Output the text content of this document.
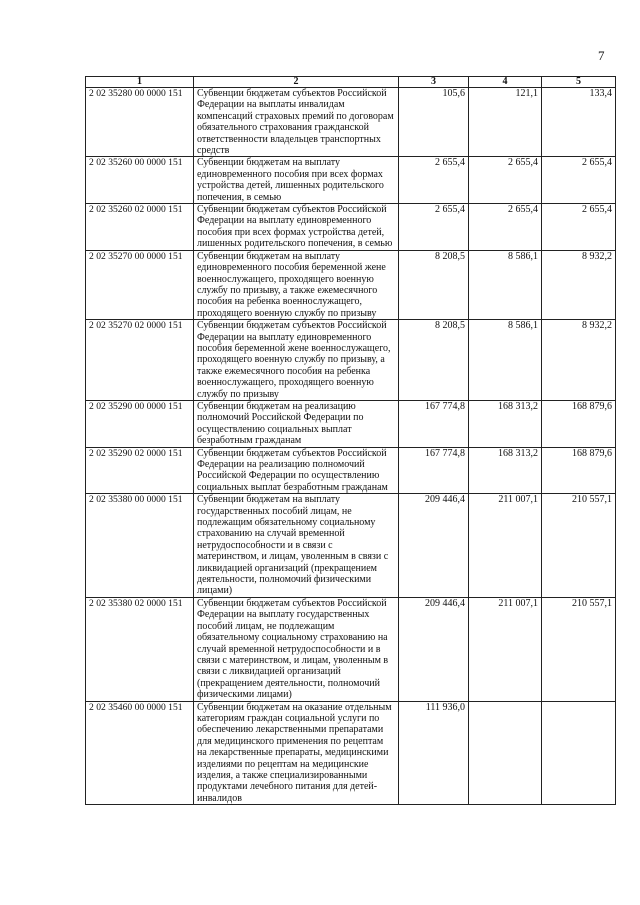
7
1	2	3	4	5
2 02 35280 00 0000 151	Субвенции бюджетам субъектов Российской Федерации на выплаты инвалидам компенсаций страховых премий по договорам обязательного страхования гражданской ответственности владельцев транспортных средств	105,6	121,1	133,4
2 02 35260 00 0000 151	Субвенции бюджетам на выплату единовременного пособия при всех формах устройства детей, лишенных родительского попечения, в семью	2 655,4	2 655,4	2 655,4
2 02 35260 02 0000 151	Субвенции бюджетам субъектов Российской Федерации на выплату единовременного пособия при всех формах устройства детей, лишенных родительского попечения, в семью	2 655,4	2 655,4	2 655,4
2 02 35270 00 0000 151	Субвенции бюджетам на выплату единовременного пособия беременной жене военнослужащего, проходящего военную службу по призыву, а также ежемесячного пособия на ребенка военнослужащего, проходящего военную службу по призыву	8 208,5	8 586,1	8 932,2
2 02 35270 02 0000 151	Субвенции бюджетам субъектов Российской Федерации на выплату единовременного пособия беременной жене военнослужащего, проходящего военную службу по призыву, а также ежемесячного пособия на ребенка военнослужащего, проходящего военную службу по призыву	8 208,5	8 586,1	8 932,2
2 02 35290 00 0000 151	Субвенции бюджетам на реализацию полномочий Российской Федерации по осуществлению социальных выплат безработным гражданам	167 774,8	168 313,2	168 879,6
2 02 35290 02 0000 151	Субвенции бюджетам субъектов Российской Федерации на реализацию полномочий Российской Федерации по осуществлению социальных выплат безработным гражданам	167 774,8	168 313,2	168 879,6
2 02 35380 00 0000 151	Субвенции бюджетам на выплату государственных пособий лицам, не подлежащим обязательному социальному страхованию на случай временной нетрудоспособности и в связи с материнством, и лицам, уволенным в связи с ликвидацией организаций (прекращением деятельности, полномочий физическими лицами)	209 446,4	211 007,1	210 557,1
2 02 35380 02 0000 151	Субвенции бюджетам субъектов Российской Федерации на выплату государственных пособий лицам, не подлежащим обязательному социальному страхованию на случай временной нетрудоспособности и в связи с материнством, и лицам, уволенным в связи с ликвидацией организаций (прекращением деятельности, полномочий физическими лицами)	209 446,4	211 007,1	210 557,1
2 02 35460 00 0000 151	Субвенции бюджетам на оказание отдельным категориям граждан социальной услуги по обеспечению лекарственными препаратами для медицинского применения по рецептам на лекарственные препараты, медицинскими изделиями по рецептам на медицинские изделия, а также специализированными продуктами лечебного питания для детей-инвалидов	111 936,0		
